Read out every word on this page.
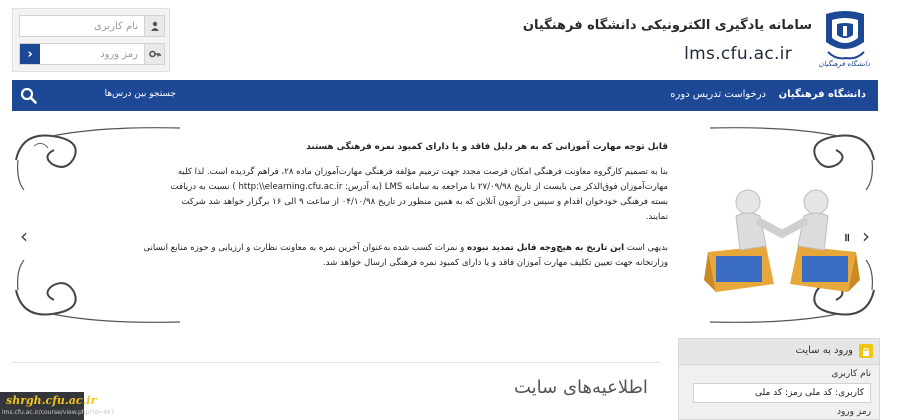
نام کاربری
رمز ورود
›
سامانه یادگیری الکترونیکی دانشگاه فرهنگیان
lms.cfu.ac.ir	دانشگاه فرهنگیان
دانشگاه فرهنگیان
درخواست تدریس دوره
جستجو بین درس‌ها
‹	›
॥

قابل توجه مهارت آموزانی که به هر دلیل فاقد و یا دارای کمبود نمره فرهنگی هستند

بنا به تصمیم کارگروه معاونت فرهنگی امکان فرصت مجدد جهت ترمیم مؤلفه فرهنگی مهارت‌آموزان ماده ۲۸، فراهم گردیده است. لذا کلیه

مهارت‌آموزان فوق‌الذکر می بایست از تاریخ ۲۷/۰۹/۹۸ با مراجعه به سامانه LMS (به آدرس: http:\\elearning.cfu.ac.ir ) نسبت به دریافت

بسته فرهنگی خودخوان اقدام و سپس در آزمون آنلاین که به همین منظور در تاریخ ۰۴/۱۰/۹۸ از ساعت ۹ الی ۱۶ برگزار خواهد شد شرکت

نمایند.

بدیهی است این تاریخ به هیچ‌وجه قابل تمدید نبوده و نمرات کسب شده به‌عنوان آخرین نمره به معاونت نظارت و ارزیابی و حوزه منابع انسانی

وزارتخانه جهت تعیین تکلیف مهارت آموزان فاقد و یا دارای کمبود نمره فرهنگی ارسال خواهد شد.

اطلاعیه‌های سایت
ورود به سایت
نام کاربری
کاربری: کد ملی رمز: کد ملی
رمز ورود
shrgh.cfu.ac.ir
lms.cfu.ac.ir/course/view.php?id=467
